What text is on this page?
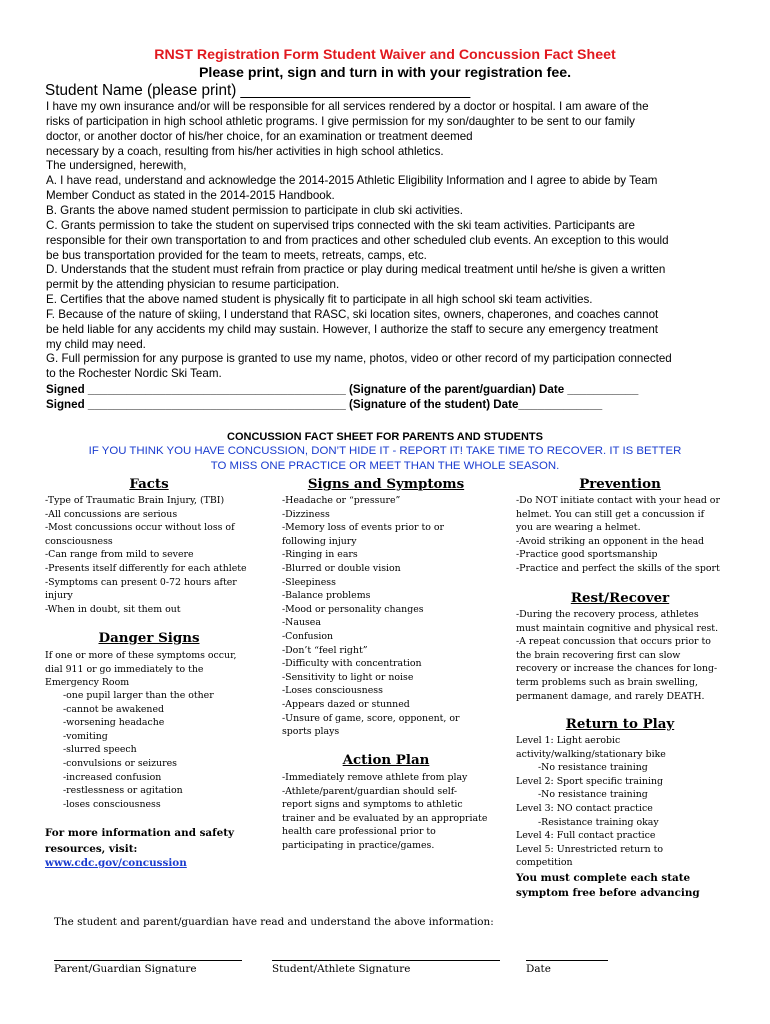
RNST Registration Form Student Waiver and Concussion Fact Sheet
Please print, sign and turn in with your registration fee.
Student Name (please print) ___________________________
I have my own insurance and/or will be responsible for all services rendered by a doctor or hospital. I am aware of the
risks of participation in high school athletic programs. I give permission for my son/daughter to be sent to our family
doctor, or another doctor of his/her choice, for an examination or treatment deemed
necessary by a coach, resulting from his/her activities in high school athletics.
The undersigned, herewith,
A. I have read, understand and acknowledge the 2014-2015 Athletic Eligibility Information and I agree to abide by Team
Member Conduct as stated in the 2014-2015 Handbook.
B. Grants the above named student permission to participate in club ski activities.
C. Grants permission to take the student on supervised trips connected with the ski team activities. Participants are
responsible for their own transportation to and from practices and other scheduled club events. An exception to this would
be bus transportation provided for the team to meets, retreats, camps, etc.
D. Understands that the student must refrain from practice or play during medical treatment until he/she is given a written
permit by the attending physician to resume participation.
E. Certifies that the above named student is physically fit to participate in all high school ski team activities.
F. Because of the nature of skiing, I understand that RASC, ski location sites, owners, chaperones, and coaches cannot
be held liable for any accidents my child may sustain. However, I authorize the staff to secure any emergency treatment
my child may need.
G. Full permission for any purpose is granted to use my name, photos, video or other record of my participation connected
to the Rochester Nordic Ski Team.
Signed ________________________________________ (Signature of the parent/guardian) Date ___________
Signed ________________________________________ (Signature of the student) Date_____________
CONCUSSION FACT SHEET FOR PARENTS AND STUDENTS
IF YOU THINK YOU HAVE CONCUSSION, DON’T HIDE IT - REPORT IT! TAKE TIME TO RECOVER. IT IS BETTER
TO MISS ONE PRACTICE OR MEET THAN THE WHOLE SEASON.
Facts
-Type of Traumatic Brain Injury, (TBI)
-All concussions are serious
-Most concussions occur without loss of
consciousness
-Can range from mild to severe
-Presents itself differently for each athlete
-Symptoms can present 0-72 hours after
injury
-When in doubt, sit them out
Danger Signs
If one or more of these symptoms occur,
dial 911 or go immediately to the
Emergency Room
-one pupil larger than the other
-cannot be awakened
-worsening headache
-vomiting
-slurred speech
-convulsions or seizures
-increased confusion
-restlessness or agitation
-loses consciousness
For more information and safety
resources, visit:
www.cdc.gov/concussion
Signs and Symptoms
-Headache or “pressure”
-Dizziness
-Memory loss of events prior to or
following injury
-Ringing in ears
-Blurred or double vision
-Sleepiness
-Balance problems
-Mood or personality changes
-Nausea
-Confusion
-Don’t “feel right”
-Difficulty with concentration
-Sensitivity to light or noise
-Loses consciousness
-Appears dazed or stunned
-Unsure of game, score, opponent, or
sports plays
Action Plan
-Immediately remove athlete from play
-Athlete/parent/guardian should self-
report signs and symptoms to athletic
trainer and be evaluated by an appropriate
health care professional prior to
participating in practice/games.
Prevention
-Do NOT initiate contact with your head or
helmet. You can still get a concussion if
you are wearing a helmet.
-Avoid striking an opponent in the head
-Practice good sportsmanship
-Practice and perfect the skills of the sport
Rest/Recover
-During the recovery process, athletes
must maintain cognitive and physical rest.
-A repeat concussion that occurs prior to
the brain recovering first can slow
recovery or increase the chances for long-
term problems such as brain swelling,
permanent damage, and rarely DEATH.
Return to Play
Level 1: Light aerobic
activity/walking/stationary bike
-No resistance training
Level 2: Sport specific training
-No resistance training
Level 3: NO contact practice
-Resistance training okay
Level 4: Full contact practice
Level 5: Unrestricted return to
competition
You must complete each state
symptom free before advancing
The student and parent/guardian have read and understand the above information:
Parent/Guardian Signature	Student/Athlete Signature	Date
